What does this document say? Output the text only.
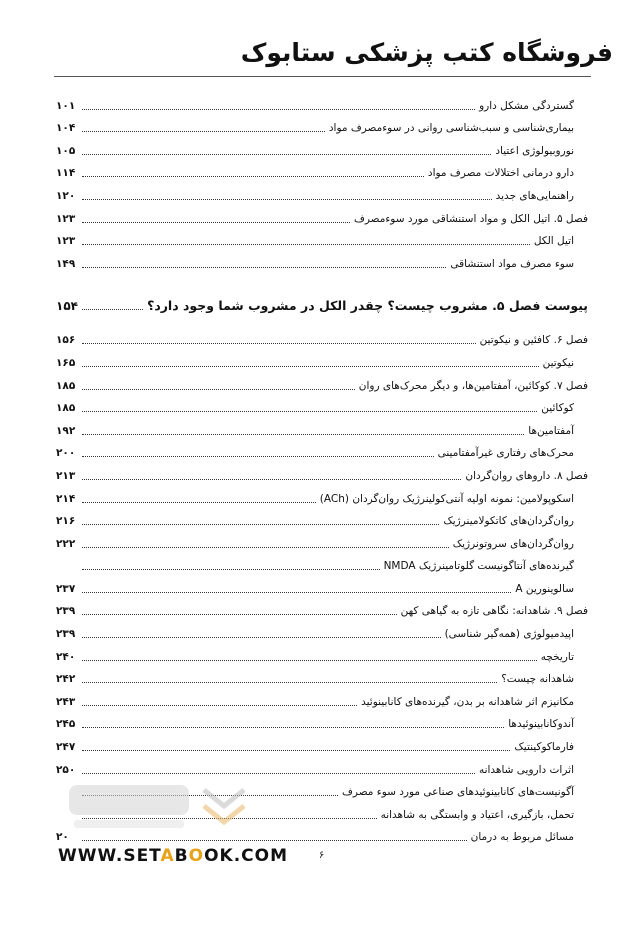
فروشگاه کتب پزشکی ستابوک
گستردگی مشکل دارو
۱۰۱
بیماری‌شناسی و سبب‌شناسی روانی در سوءمصرف مواد
۱۰۴
نوروبیولوژی اعتیاد
۱۰۵
دارو درمانی اختلالات مصرف مواد
۱۱۴
راهنمایی‌های جدید
۱۲۰
فصل ۵. اتیل الکل و مواد استنشاقی مورد سوءمصرف
۱۲۳
اتیل الکل
۱۲۳
سوء مصرف مواد استنشاقی
۱۴۹
پیوست فصل ۵. مشروب چیست؟ چقدر الکل در مشروب شما وجود دارد؟
۱۵۴
فصل ۶. کافئین و نیکوتین
۱۵۶
نیکوتین
۱۶۵
فصل ۷. کوکائین، آمفتامین‌ها، و دیگر محرک‌های روان
۱۸۵
کوکائین
۱۸۵
آمفتامین‌ها
۱۹۲
محرک‌های رفتاری غیرآمفتامینی
۲۰۰
فصل ۸. داروهای روان‌گردان
۲۱۳
اسکوپولامین: نمونه اولیه آنتی‌کولینرژیک روان‌گردان (ACh)
۲۱۴
روان‌گردان‌های کاتکولامینرژیک
۲۱۶
روان‌گردان‌های سروتونرژیک
۲۲۲
گیرنده‌های آنتاگونیست گلوتامینرژیک NMDA
سالوینورین A
۲۳۷
فصل ۹. شاهدانه: نگاهی تازه به گیاهی کهن
۲۳۹
اپیدمیولوژی (همه‌گیر شناسی)
۲۳۹
تاریخچه
۲۴۰
شاهدانه چیست؟
۲۴۲
مکانیزم اثر شاهدانه بر بدن، گیرنده‌های کانابینوئید
۲۴۳
آندوکانابینوئیدها
۲۴۵
فارماکوکینتیک
۲۴۷
اثرات دارویی شاهدانه
۲۵۰
آگونیست‌های کانابینوئیدهای صناعی مورد سوء مصرف
تحمل، بازگیری، اعتیاد و وابستگی به شاهدانه
مسائل مربوط به درمان
۲۰
WWW.SETABOOK.COM	۶
